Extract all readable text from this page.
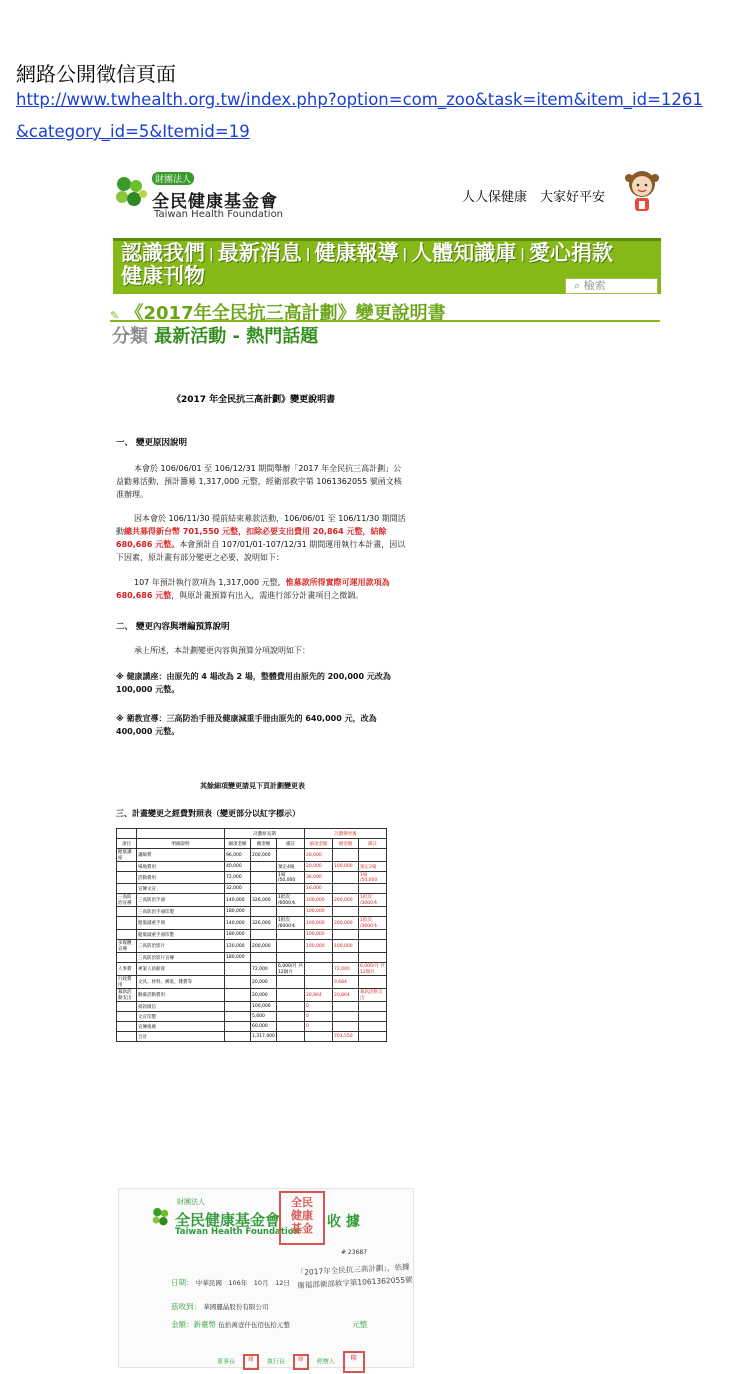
網路公開徵信頁面
http://www.twhealth.org.tw/index.php?option=com_zoo&task=item&item_id=1261
&category_id=5&Itemid=19
財團法人
全民健康基金會
Taiwan Health Foundation
人人保健康　大家好平安
認識我們 | 最新消息 | 健康報導 | 人體知識庫 | 愛心捐款
健康刊物	⌕ 檢索
✎ 《2017年全民抗三高計劃》變更說明書
分類 最新活動 - 熱門話題
《2017 年全民抗三高計劃》變更說明書
一、 變更原因說明
本會於 106/06/01 至 106/12/31 期間舉辦「2017 年全民抗三高計劃」公益勸募活動，預計籌募 1,317,000 元整，經衛部救字第 1061362055 號函文核准辦理。
因本會於 106/11/30 提前結束募款活動，106/06/01 至 106/11/30 期間活動總共募得新台幣 701,550 元整，扣除必要支出費用 20,864 元整，結餘 680,686 元整。本會預計自 107/01/01-107/12/31 期間運用執行本計畫，因以下因素，原計畫有部分變更之必要，說明如下：
107 年預計執行款項為 1,317,000 元整，惟募款所得實際可運用款項為 680,686 元整，與原計畫預算有出入，需進行部分計畫項目之微調。
二、 變更內容與增編預算說明
承上所述，本計劃變更內容與預算分項說明如下：
※ 健康講座：由原先的 4 場改為 2 場，整體費用由原先的 200,000 元改為 100,000 元整。
※ 衛教宣導：三高防治手冊及健康減重手冊由原先的 640,000 元，改為 400,000 元整。
其餘細項變更請見下頁計劃變更表
三、計畫變更之經費對照表（變更部分以紅字標示）
		計劃原長期			計劃變更後		
項目	明細說明	細項金額	總金額	備註	細項金額	總金額	備註
健康講座	講師費	96,000	200,000		28,000		
	場地費用	40,000		預定4場	20,000	100,000	預定2場
	活動費用	72,000		1場 /50,000	36,000		1場 /50,000
	宣傳文宣	32,000			16,000		
三高防治宣導	三高防治手冊	140,000	326,000	1批次 /6000本	100,000	200,000	1批次 /3000本
	三高防治手冊印製	180,000			100,000		
	健康減重手冊	140,000	326,000	1批次 /6000本	100,000	200,000	1批次 /3000本
	健康減重手冊印製	180,000			100,000		
多媒體宣導	三高防治影片	120,000	200,000		100,000	100,000	
	三高防治影片宣傳	180,000					
人事費	專案人員薪資		72,000	6,000/月 共12個月		72,000	6,000/月 共12個月
行政費用	文具、材料、郵電、雜費等		20,000			9,684	
募款活動支出	勸募活動費用		20,000		20,864	20,864	募款活動支出
	捐款徵信		100,000		0		
	文宣印製		5,600		0		
	宣傳推廣		60,000		0		
	合計		1,317,000			701,550	
財團法人
全民健康基金會
Taiwan Health Foundation
全民
健康
基金	收 據
# 23687
「2017年全民抗三高計劃」，依據衛福部衛部救字第1061362055號
日期： 中華民國　106年　10月　12日
茲收到： 華國麗晶股份有限公司
金額：新臺幣 伍拾萬壹仟伍佰伍拾元整	元整
董事長	印 執行長	印 經辦人	印
